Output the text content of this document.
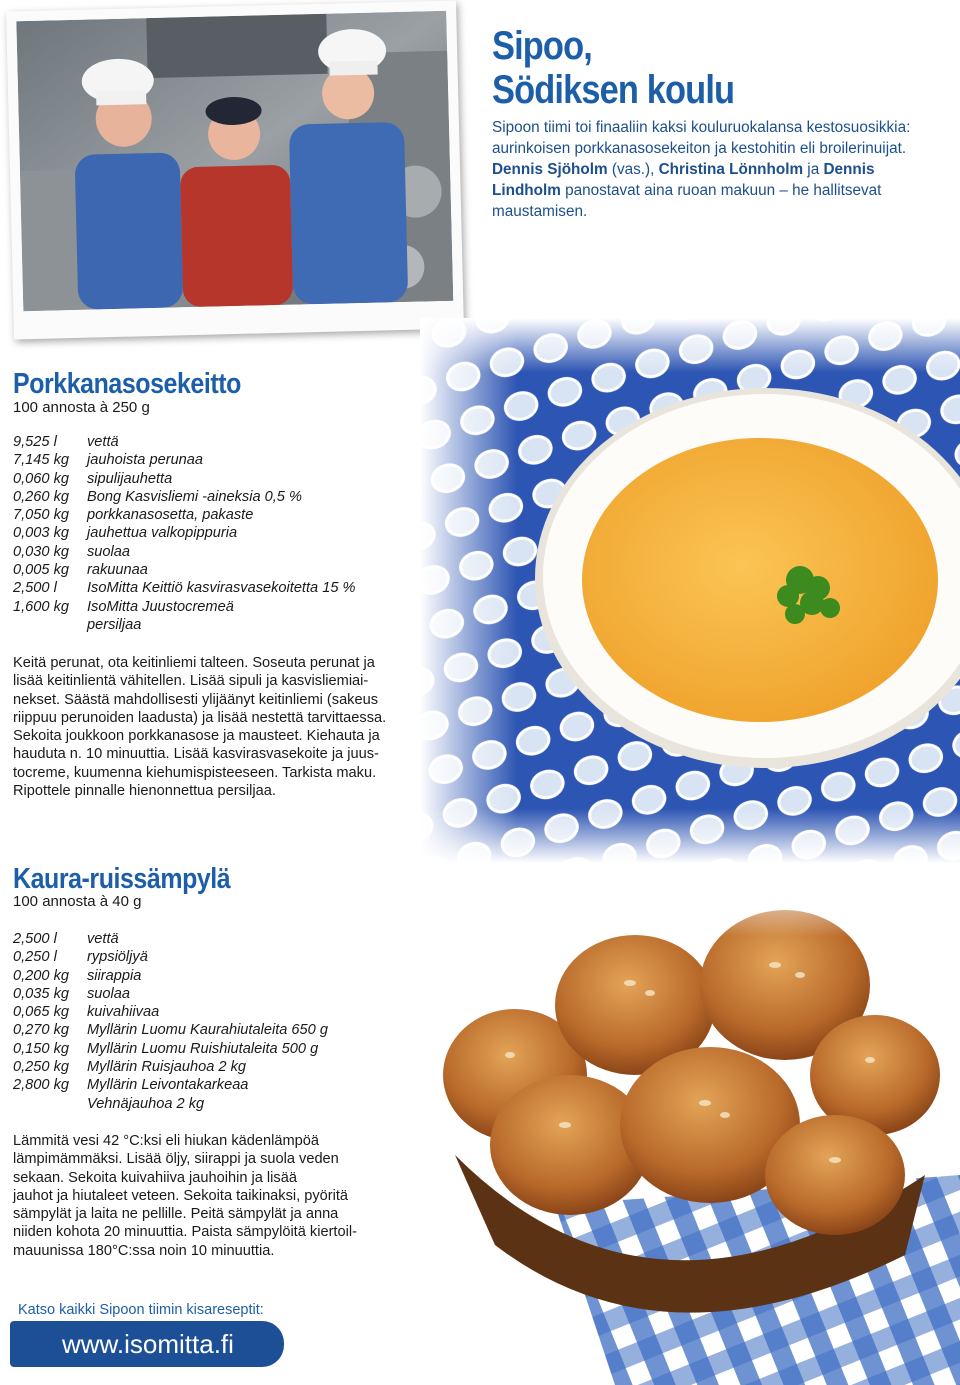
Sipoo,
Södiksen koulu

Sipoon tiimi toi finaaliin kaksi kouluruokalansa kestosuosikkia: aurinkoisen porkkanasosekeiton ja kestohitin eli broilerinuijat. Dennis Sjöholm (vas.), Christina Lönnholm ja Dennis Lindholm panostavat aina ruoan makuun – he hallitsevat maustamisen.

Porkkanasosekeitto
100 annosta à 250 g
9,525 l	vettä
7,145 kg	jauhoista perunaa
0,060 kg	sipulijauhetta
0,260 kg	Bong Kasvisliemi -aineksia 0,5 %
7,050 kg	porkkanasosetta, pakaste
0,003 kg	jauhettua valkopippuria
0,030 kg	suolaa
0,005 kg	rakuunaa
2,500 l	IsoMitta Keittiö kasvirasvasekoitetta 15 %
1,600 kg	IsoMitta Juustocremeä
persiljaa
Keitä perunat, ota keitinliemi talteen. Soseuta perunat ja
lisää keitinlientä vähitellen. Lisää sipuli ja kasvisliemiai-
nekset. Säästä mahdollisesti ylijäänyt keitinliemi (sakeus
riippuu perunoiden laadusta) ja lisää nestettä tarvittaessa.
Sekoita joukkoon porkkanasose ja mausteet. Kiehauta ja
hauduta n. 10 minuuttia. Lisää kasvirasvasekoite ja juus-
tocreme, kuumenna kiehumispisteeseen. Tarkista maku.
Ripottele pinnalle hienonnettua persiljaa.
Kaura-ruissämpylä
100 annosta à 40 g
2,500 l	vettä
0,250 l	rypsiöljyä
0,200 kg	siirappia
0,035 kg	suolaa
0,065 kg	kuivahiivaa
0,270 kg	Myllärin Luomu Kaurahiutaleita 650 g
0,150 kg	Myllärin Luomu Ruishiutaleita 500 g
0,250 kg	Myllärin Ruisjauhoa 2 kg
2,800 kg	Myllärin Leivontakarkeaa
Vehnäjauhoa 2 kg
Lämmitä vesi 42 °C:ksi eli hiukan kädenlämpöä
lämpimämmäksi. Lisää öljy, siirappi ja suola veden
sekaan. Sekoita kuivahiiva jauhoihin ja lisää
jauhot ja hiutaleet veteen. Sekoita taikinaksi, pyöritä
sämpylät ja laita ne pellille. Peitä sämpylät ja anna
niiden kohota 20 minuuttia. Paista sämpylöitä kiertoil-
mauunissa 180°C:ssa noin 10 minuuttia.
Katso kaikki Sipoon tiimin kisareseptit:
www.isomitta.fi
